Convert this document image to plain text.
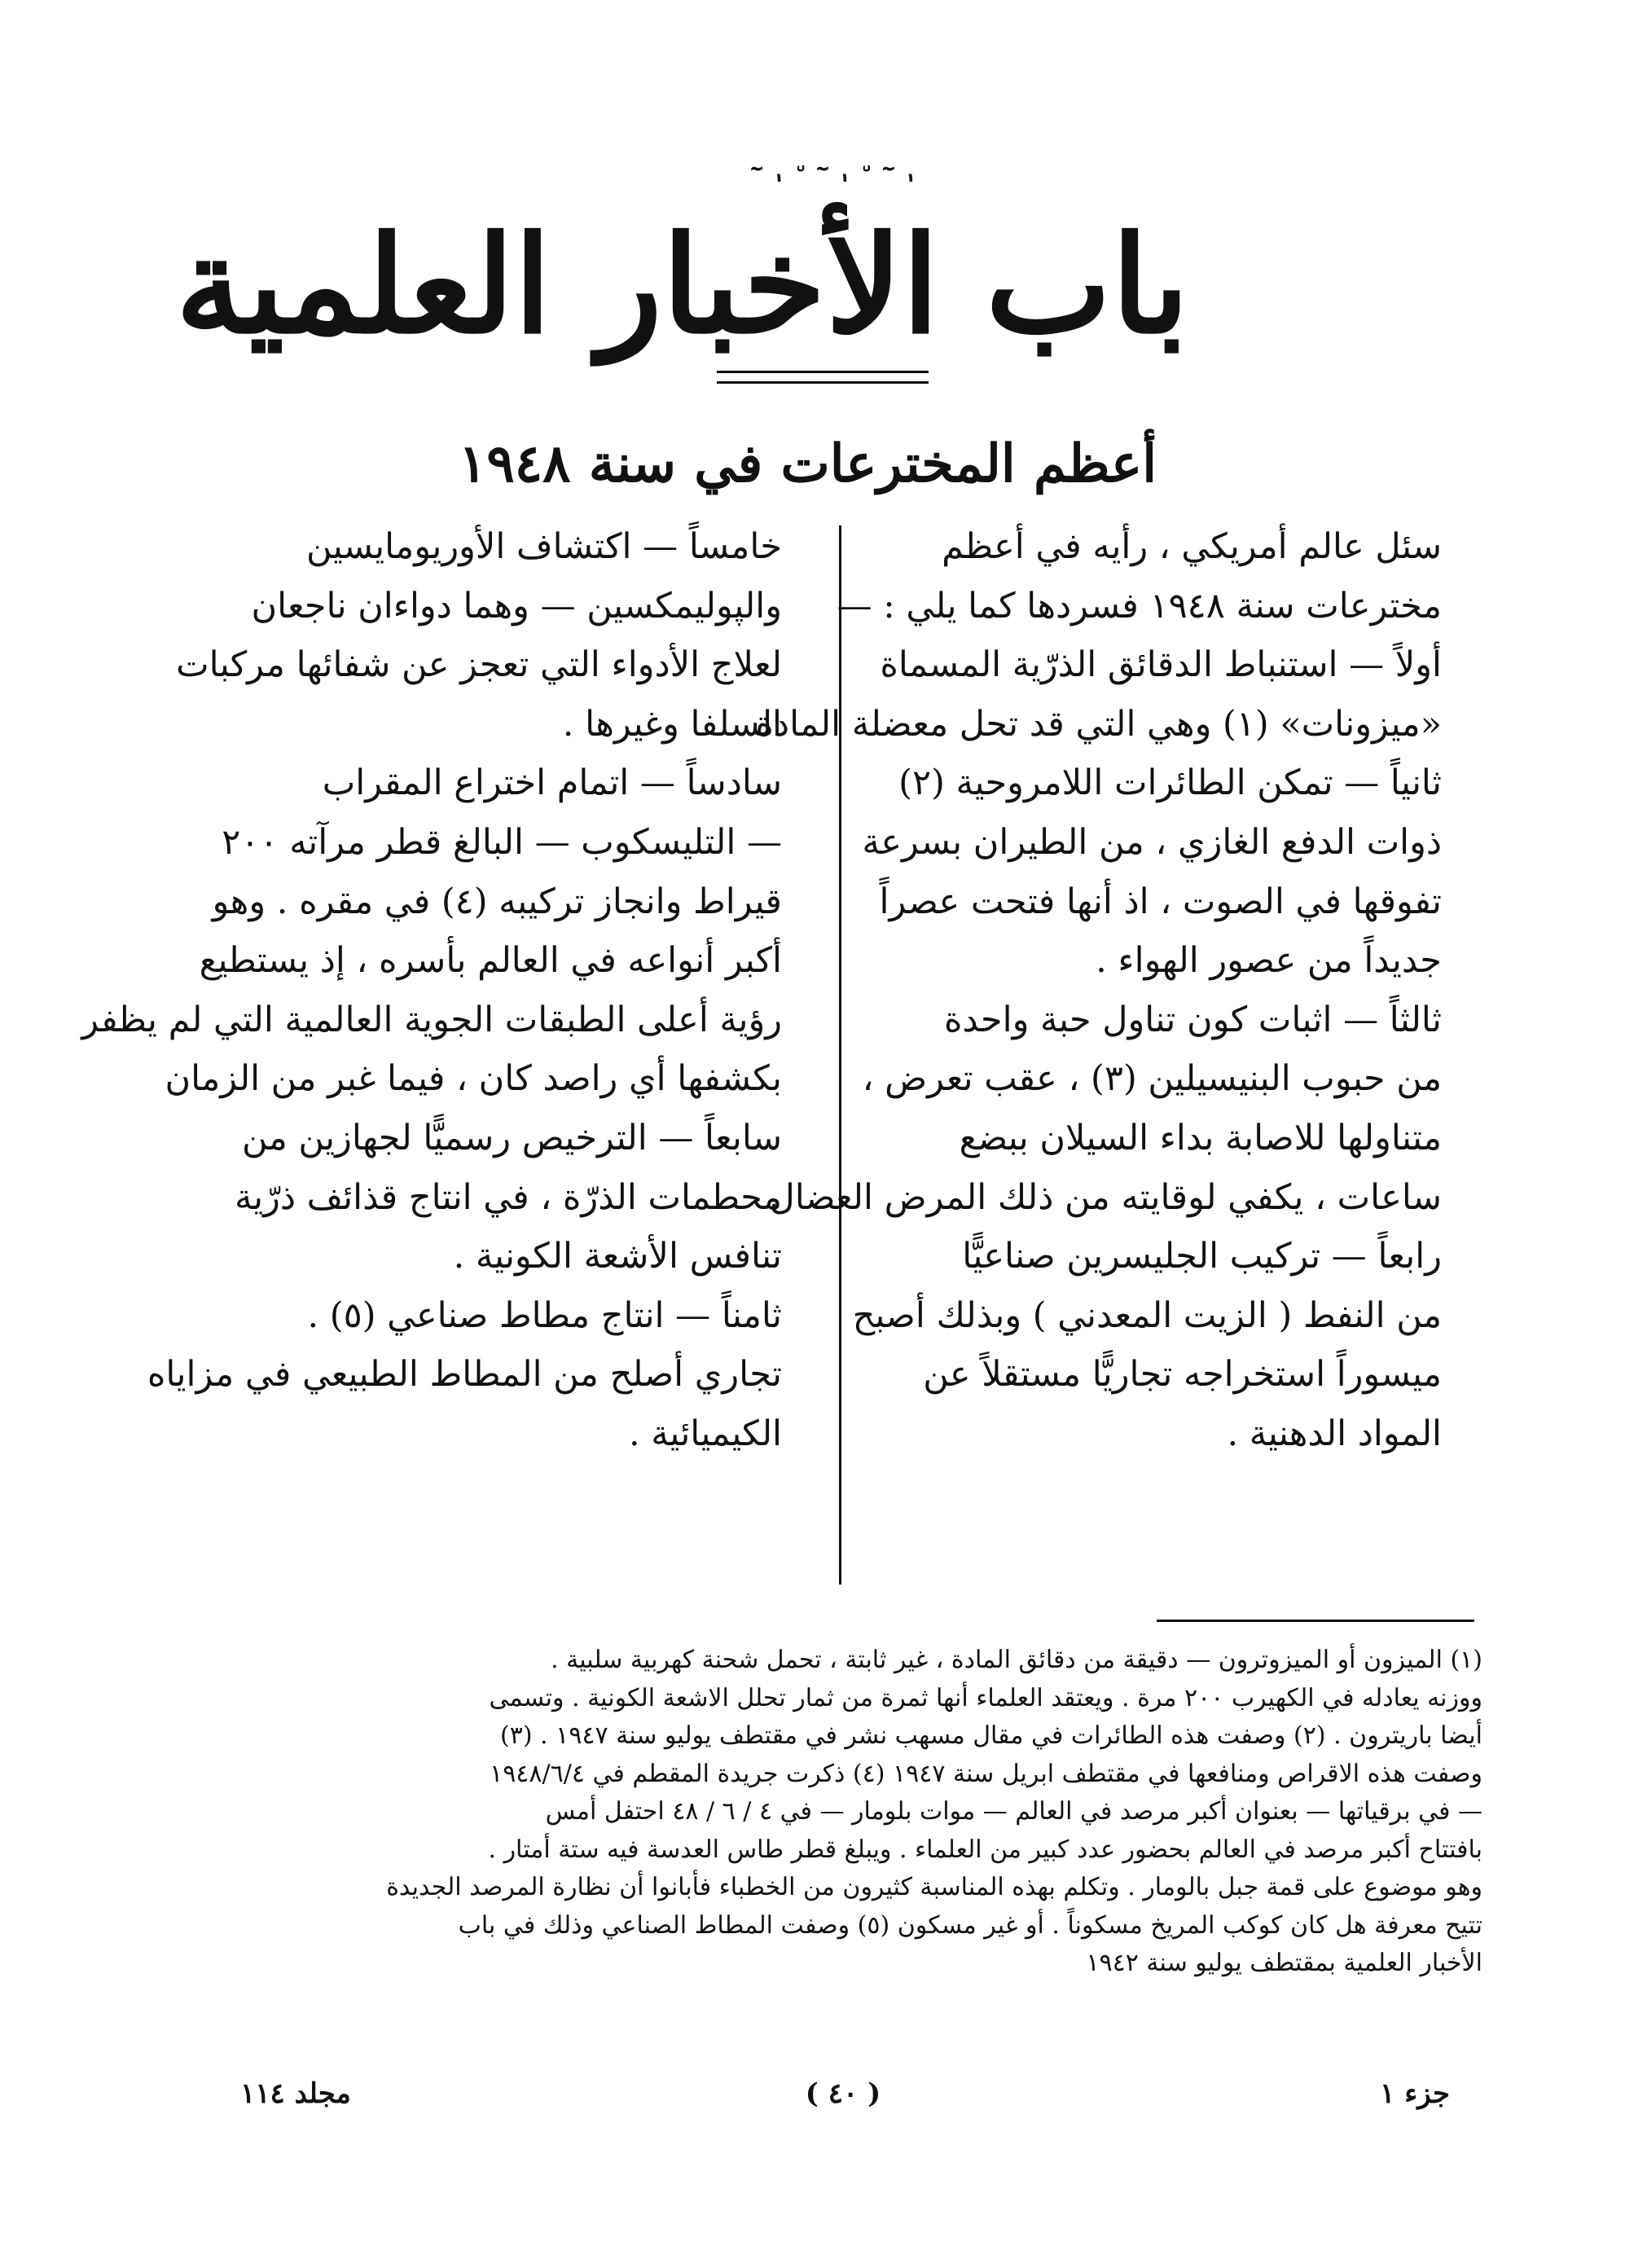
ٰ ٓ ٘ ٰ ٓ ٘ ٰ ٓ
باب الأخبار العلمية
أعظم المخترعات في سنة ١٩٤٨

سئل عالم أمريكي ، رأيه في أعظم

مخترعات سنة ١٩٤٨ فسردها كما يلي : —

أولاً — استنباط الدقائق الذرّية المسماة

«ميزونات» (١) وهي التي قد تحل معضلة المادة

ثانياً — تمكن الطائرات اللامروحية (٢)

ذوات الدفع الغازي ، من الطيران بسرعة

تفوقها في الصوت ، اذ أنها فتحت عصراً

جديداً من عصور الهواء .

ثالثاً — اثبات كون تناول حبة واحدة

من حبوب البنيسيلين (٣) ، عقب تعرض ،

متناولها للاصابة بداء السيلان ببضع

ساعات ، يكفي لوقايته من ذلك المرض العضال

رابعاً — تركيب الجليسرين صناعيًّا

من النفط ( الزيت المعدني ) وبذلك أصبح

ميسوراً استخراجه تجاريًّا مستقلاً عن

المواد الدهنية .

خامساً — اكتشاف الأوريومايسين

والپوليمكسين — وهما دواءان ناجعان

لعلاج الأدواء التي تعجز عن شفائها مركبات

السلفا وغيرها .

سادساً — اتمام اختراع المقراب

— التليسكوب — البالغ قطر مرآته ٢٠٠

قيراط وانجاز تركيبه (٤) في مقره . وهو

أكبر أنواعه في العالم بأسره ، إذ يستطيع

رؤية أعلى الطبقات الجوية العالمية التي لم يظفر

بكشفها أي راصد كان ، فيما غبر من الزمان

سابعاً — الترخيص رسميًّا لجهازين من

محطمات الذرّة ، في انتاج قذائف ذرّية

تنافس الأشعة الكونية .

ثامناً — انتاج مطاط صناعي (٥) .

تجاري أصلح من المطاط الطبيعي في مزاياه

الكيميائية .

(١) الميزون أو الميزوترون — دقيقة من دقائق المادة ، غير ثابتة ، تحمل شحنة كهربية سلبية .

ووزنه يعادله في الكهيرب ٢٠٠ مرة . ويعتقد العلماء أنها ثمرة من ثمار تحلل الاشعة الكونية . وتسمى

أيضا باريترون . (٢) وصفت هذه الطائرات في مقال مسهب نشر في مقتطف يوليو سنة ١٩٤٧ . (٣)

وصفت هذه الاقراص ومنافعها في مقتطف ابريل سنة ١٩٤٧ (٤) ذكرت جريدة المقطم في ١٩٤٨/٦/٤

— في برقياتها — بعنوان أكبر مرصد في العالم — موات بلومار — في ٤ / ٦ / ٤٨ احتفل أمس

بافتتاح أكبر مرصد في العالم بحضور عدد كبير من العلماء . ويبلغ قطر طاس العدسة فيه ستة أمتار .

وهو موضوع على قمة جبل بالومار . وتكلم بهذه المناسبة كثيرون من الخطباء فأبانوا أن نظارة المرصد الجديدة

تتيح معرفة هل كان كوكب المريخ مسكوناً . أو غير مسكون (٥) وصفت المطاط الصناعي وذلك في باب

الأخبار العلمية بمقتطف يوليو سنة ١٩٤٢

جزء ١
( ٤٠ )
مجلد ١١٤
